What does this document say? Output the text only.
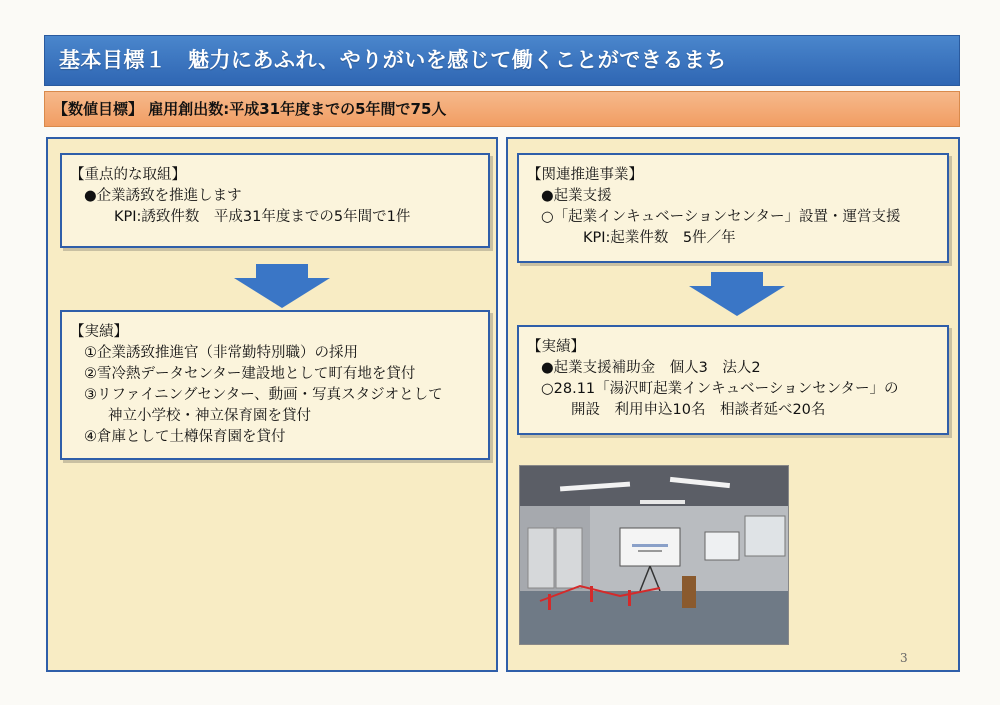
基本目標１　魅力にあふれ、やりがいを感じて働くことができるまち
【数値目標】 雇用創出数:平成31年度までの5年間で75人
【重点的な取組】
●企業誘致を推進します
KPI:誘致件数　平成31年度までの5年間で1件
【実績】
①企業誘致推進官（非常勤特別職）の採用
②雪冷熱データセンター建設地として町有地を貸付
③リファイニングセンター、動画・写真スタジオとして
神立小学校・神立保育園を貸付
④倉庫として土樽保育園を貸付
【関連推進事業】
●起業支援
○「起業インキュベーションセンター」設置・運営支援
KPI:起業件数　5件／年
【実績】
●起業支援補助金　個人3　法人2
○28.11「湯沢町起業インキュベーションセンター」の
開設　利用申込10名　相談者延べ20名
3
